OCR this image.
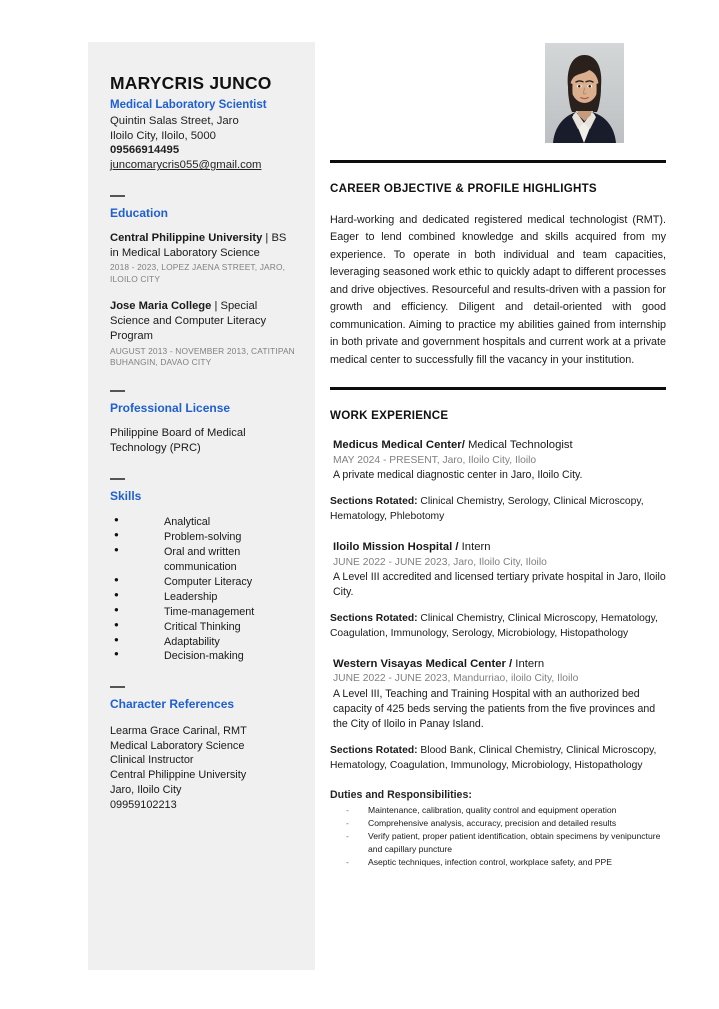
MARYCRIS JUNCO
Medical Laboratory Scientist
Quintin Salas Street, Jaro
Iloilo City, Iloilo, 5000
09566914495
juncomarycris055@gmail.com
Education
Central Philippine University | BS in Medical Laboratory Science
2018 - 2023, LOPEZ JAENA STREET, JARO, ILOILO CITY
Jose Maria College | Special Science and Computer Literacy Program
AUGUST 2013 - NOVEMBER 2013, CATITIPAN BUHANGIN, DAVAO CITY
Professional License
Philippine Board of Medical Technology (PRC)
Skills
● Analytical
● Problem-solving
● Oral and written communication
● Computer Literacy
● Leadership
● Time-management
● Critical Thinking
● Adaptability
● Decision-making
Character References
Learma Grace Carinal, RMT
Medical Laboratory Science
Clinical Instructor
Central Philippine University
Jaro, Iloilo City
09959102213
CAREER OBJECTIVE & PROFILE HIGHLIGHTS
Hard-working and dedicated registered medical technologist (RMT). Eager to lend combined knowledge and skills acquired from my experience. To operate in both individual and team capacities, leveraging seasoned work ethic to quickly adapt to different processes and drive objectives. Resourceful and results-driven with a passion for growth and efficiency. Diligent and detail-oriented with good communication. Aiming to practice my abilities gained from internship in both private and government hospitals and current work at a private medical center to successfully fill the vacancy in your institution.
WORK EXPERIENCE
Medicus Medical Center/ Medical Technologist
MAY 2024 - PRESENT, Jaro, Iloilo City, Iloilo
A private medical diagnostic center in Jaro, Iloilo City.
Sections Rotated: Clinical Chemistry, Serology, Clinical Microscopy, Hematology, Phlebotomy
Iloilo Mission Hospital / Intern
JUNE 2022 - JUNE 2023, Jaro, Iloilo City, Iloilo
A Level III accredited and licensed tertiary private hospital in Jaro, Iloilo City.
Sections Rotated: Clinical Chemistry, Clinical Microscopy, Hematology, Coagulation, Immunology, Serology, Microbiology, Histopathology
Western Visayas Medical Center / Intern
JUNE 2022 - JUNE 2023, Mandurriao, iloilo City, Iloilo
A Level III, Teaching and Training Hospital with an authorized bed capacity of 425 beds serving the patients from the five provinces and the City of Iloilo in Panay Island.
Sections Rotated: Blood Bank, Clinical Chemistry, Clinical Microscopy, Hematology, Coagulation, Immunology, Microbiology, Histopathology
Duties and Responsibilities:
- Maintenance, calibration, quality control and equipment operation
- Comprehensive analysis, accuracy, precision and detailed results
- Verify patient, proper patient identification, obtain specimens by venipuncture and capillary puncture
- Aseptic techniques, infection control, workplace safety, and PPE
